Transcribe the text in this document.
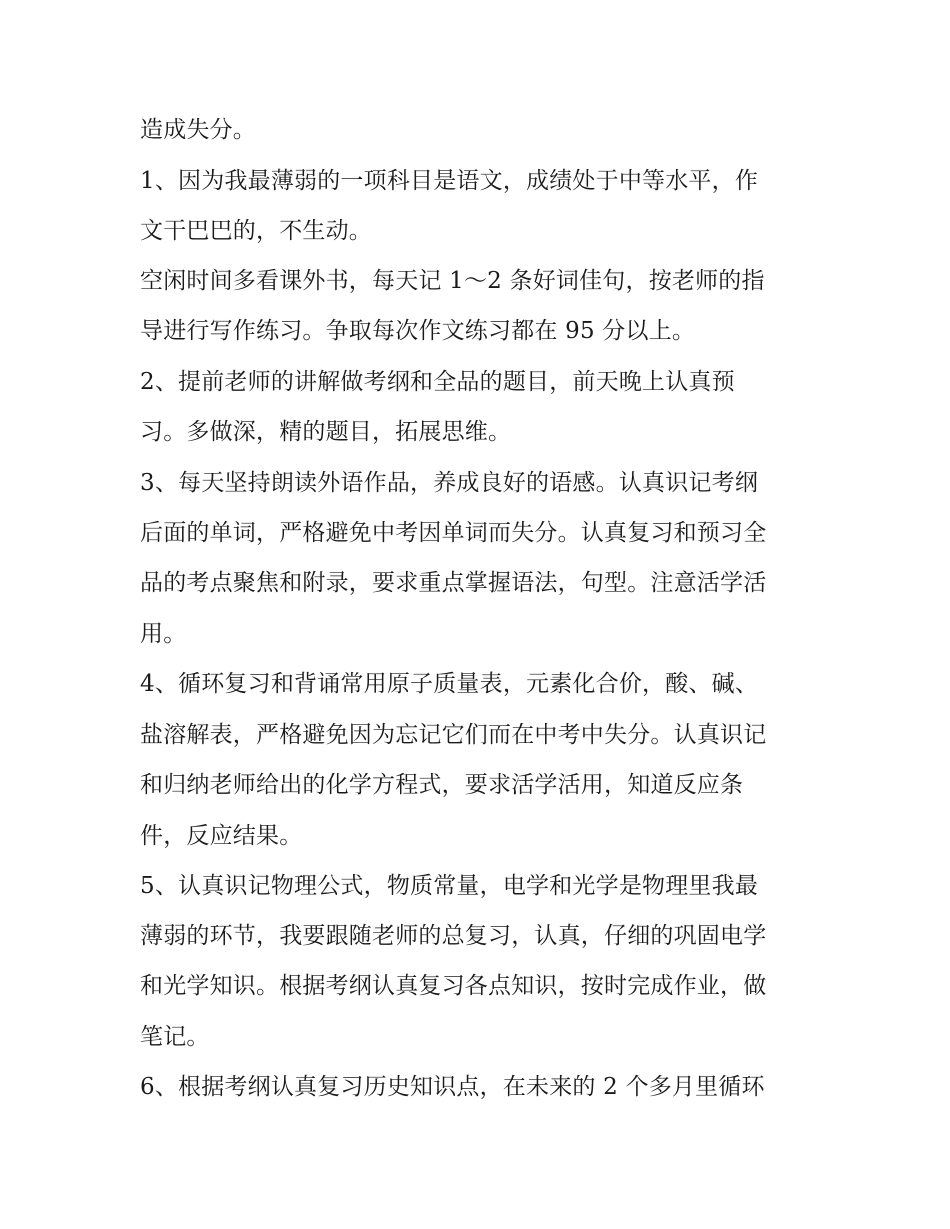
造成失分。
1、因为我最薄弱的一项科目是语文，成绩处于中等水平，作
文干巴巴的，不生动。
空闲时间多看课外书，每天记 1～2 条好词佳句，按老师的指
导进行写作练习。争取每次作文练习都在 95 分以上。
2、提前老师的讲解做考纲和全品的题目，前天晚上认真预
习。多做深，精的题目，拓展思维。
3、每天坚持朗读外语作品，养成良好的语感。认真识记考纲
后面的单词，严格避免中考因单词而失分。认真复习和预习全
品的考点聚焦和附录，要求重点掌握语法，句型。注意活学活
用。
4、循环复习和背诵常用原子质量表，元素化合价，酸、碱、
盐溶解表，严格避免因为忘记它们而在中考中失分。认真识记
和归纳老师给出的化学方程式，要求活学活用，知道反应条
件，反应结果。
5、认真识记物理公式，物质常量，电学和光学是物理里我最
薄弱的环节，我要跟随老师的总复习，认真，仔细的巩固电学
和光学知识。根据考纲认真复习各点知识，按时完成作业，做
笔记。
6、根据考纲认真复习历史知识点，在未来的 2 个多月里循环
